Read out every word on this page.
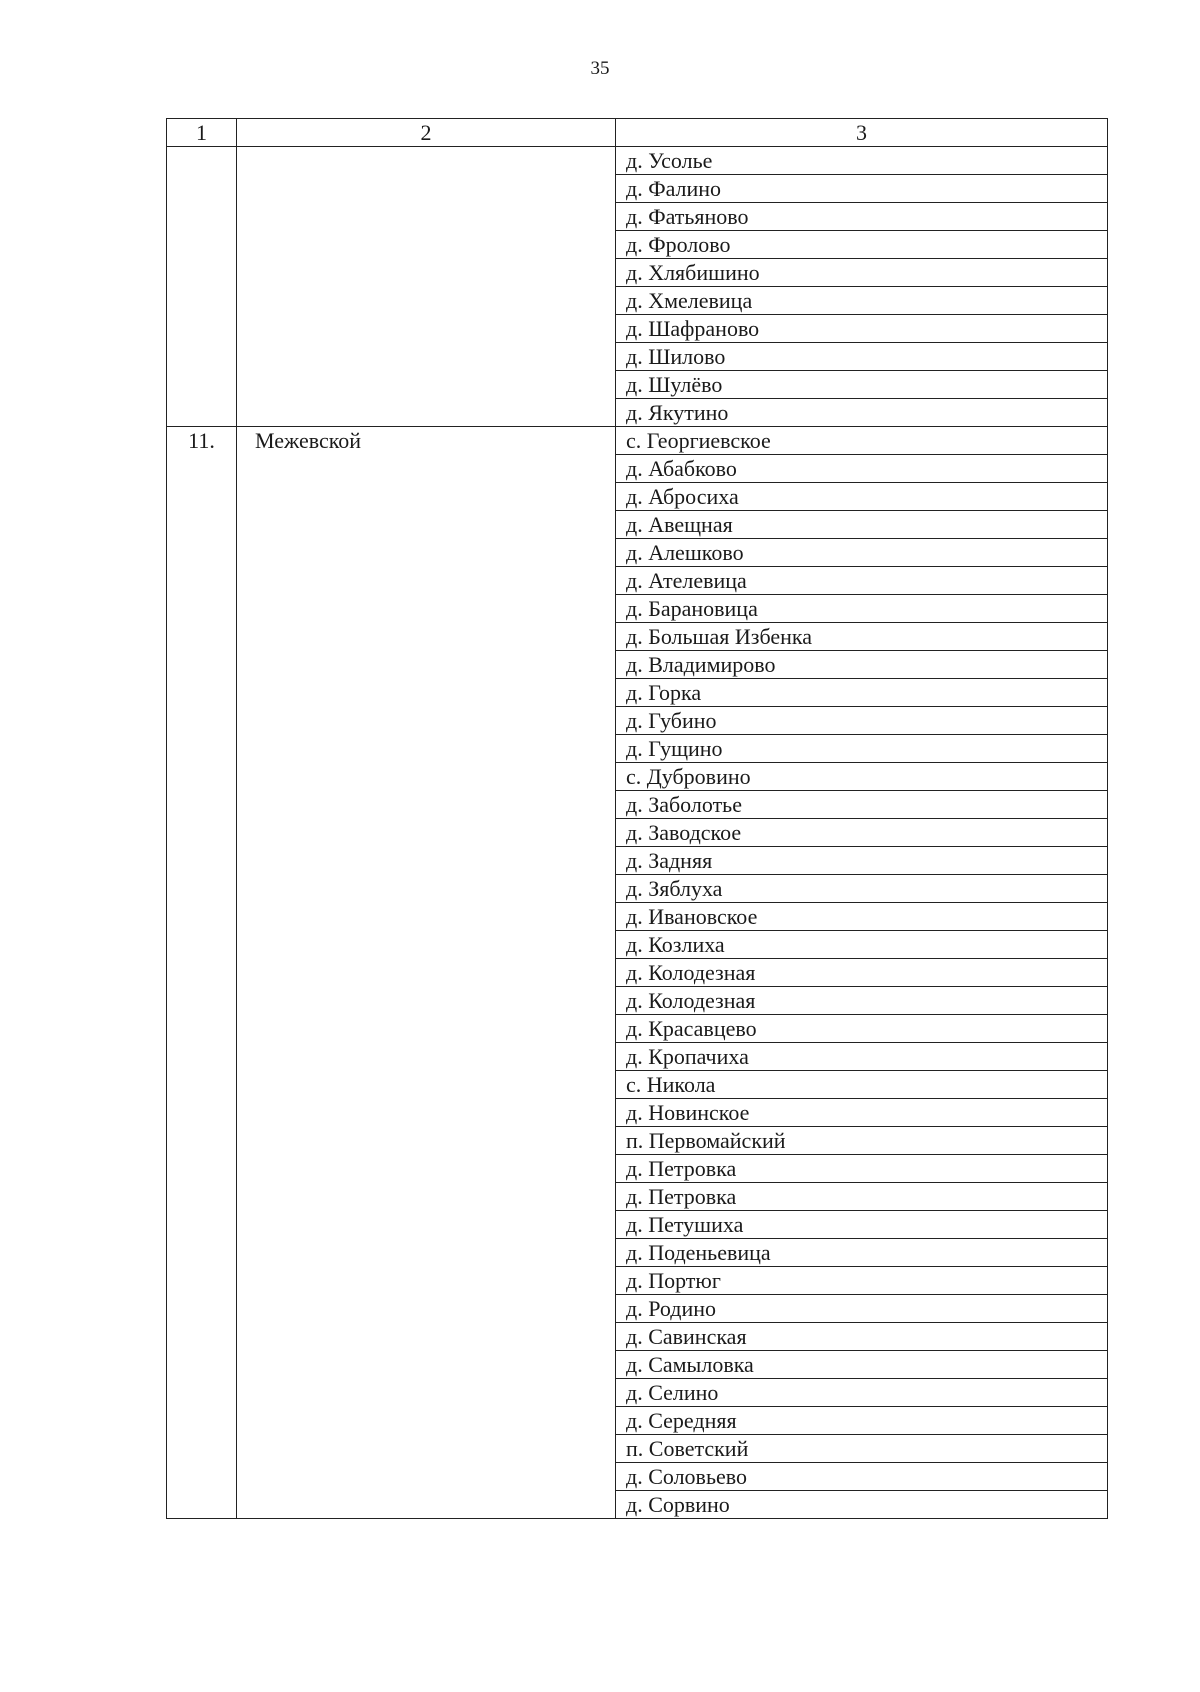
35
1	2	3
		д. Усолье
		д. Фалино
		д. Фатьяново
		д. Фролово
		д. Хлябишино
		д. Хмелевица
		д. Шафраново
		д. Шилово
		д. Шулёво
		д. Якутино
11.	Межевской	с. Георгиевское
		д. Абабково
		д. Абросиха
		д. Авещная
		д. Алешково
		д. Ателевица
		д. Барановица
		д. Большая Избенка
		д. Владимирово
		д. Горка
		д. Губино
		д. Гущино
		с. Дубровино
		д. Заболотье
		д. Заводское
		д. Задняя
		д. Зяблуха
		д. Ивановское
		д. Козлиха
		д. Колодезная
		д. Колодезная
		д. Красавцево
		д. Кропачиха
		с. Никола
		д. Новинское
		п. Первомайский
		д. Петровка
		д. Петровка
		д. Петушиха
		д. Поденьевица
		д. Портюг
		д. Родино
		д. Савинская
		д. Самыловка
		д. Селино
		д. Середняя
		п. Советский
		д. Соловьево
		д. Сорвино
